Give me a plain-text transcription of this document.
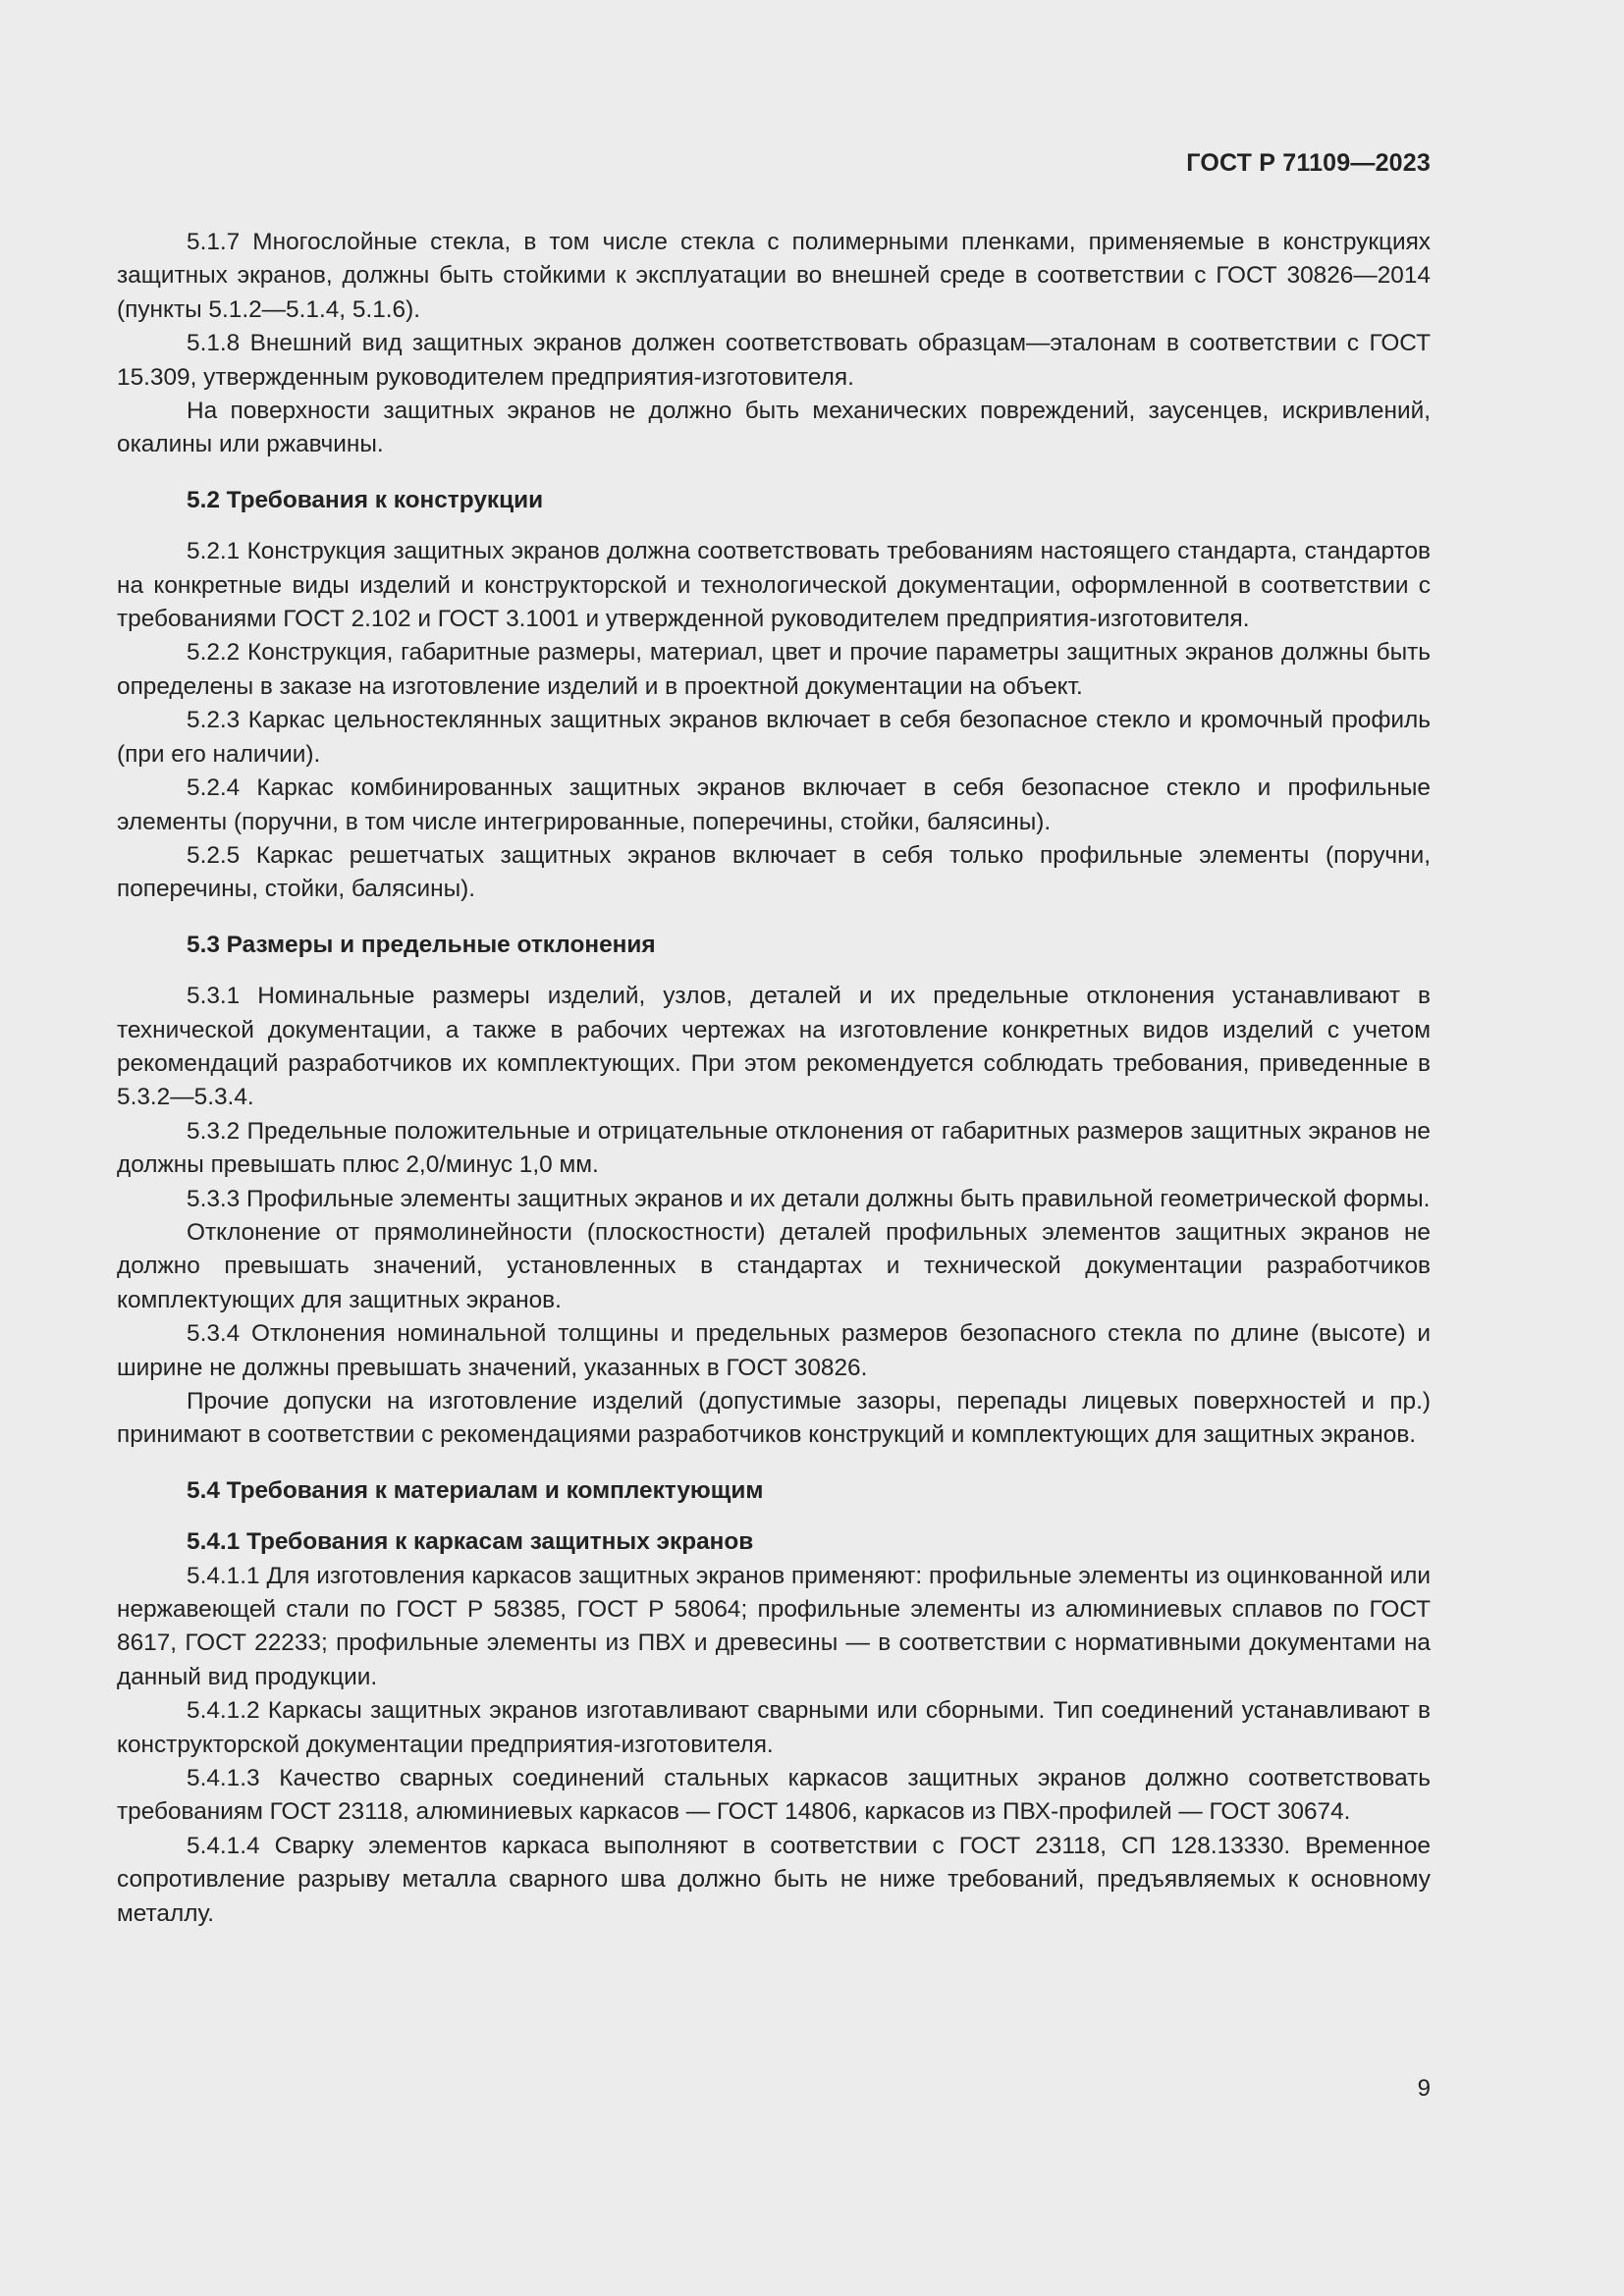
ГОСТ Р 71109—2023

5.1.7 Многослойные стекла, в том числе стекла с полимерными пленками, применяемые в конструкциях защитных экранов, должны быть стойкими к эксплуатации во внешней среде в соответствии с ГОСТ 30826—2014 (пункты 5.1.2—5.1.4, 5.1.6).

5.1.8 Внешний вид защитных экранов должен соответствовать образцам—эталонам в соответствии с ГОСТ 15.309, утвержденным руководителем предприятия-изготовителя.

На поверхности защитных экранов не должно быть механических повреждений, заусенцев, искривлений, окалины или ржавчины.

5.2 Требования к конструкции

5.2.1 Конструкция защитных экранов должна соответствовать требованиям настоящего стандарта, стандартов на конкретные виды изделий и конструкторской и технологической документации, оформленной в соответствии с требованиями ГОСТ 2.102 и ГОСТ 3.1001 и утвержденной руководителем предприятия-изготовителя.

5.2.2 Конструкция, габаритные размеры, материал, цвет и прочие параметры защитных экранов должны быть определены в заказе на изготовление изделий и в проектной документации на объект.

5.2.3 Каркас цельностеклянных защитных экранов включает в себя безопасное стекло и кромочный профиль (при его наличии).

5.2.4 Каркас комбинированных защитных экранов включает в себя безопасное стекло и профильные элементы (поручни, в том числе интегрированные, поперечины, стойки, балясины).

5.2.5 Каркас решетчатых защитных экранов включает в себя только профильные элементы (поручни, поперечины, стойки, балясины).

5.3 Размеры и предельные отклонения

5.3.1 Номинальные размеры изделий, узлов, деталей и их предельные отклонения устанавливают в технической документации, а также в рабочих чертежах на изготовление конкретных видов изделий с учетом рекомендаций разработчиков их комплектующих. При этом рекомендуется соблюдать требования, приведенные в 5.3.2—5.3.4.

5.3.2 Предельные положительные и отрицательные отклонения от габаритных размеров защитных экранов не должны превышать плюс 2,0/минус 1,0 мм.

5.3.3 Профильные элементы защитных экранов и их детали должны быть правильной геометрической формы.

Отклонение от прямолинейности (плоскостности) деталей профильных элементов защитных экранов не должно превышать значений, установленных в стандартах и технической документации разработчиков комплектующих для защитных экранов.

5.3.4 Отклонения номинальной толщины и предельных размеров безопасного стекла по длине (высоте) и ширине не должны превышать значений, указанных в ГОСТ 30826.

Прочие допуски на изготовление изделий (допустимые зазоры, перепады лицевых поверхностей и пр.) принимают в соответствии с рекомендациями разработчиков конструкций и комплектующих для защитных экранов.

5.4 Требования к материалам и комплектующим
5.4.1 Требования к каркасам защитных экранов

5.4.1.1 Для изготовления каркасов защитных экранов применяют: профильные элементы из оцинкованной или нержавеющей стали по ГОСТ Р 58385, ГОСТ Р 58064; профильные элементы из алюминиевых сплавов по ГОСТ 8617, ГОСТ 22233; профильные элементы из ПВХ и древесины — в соответствии с нормативными документами на данный вид продукции.

5.4.1.2 Каркасы защитных экранов изготавливают сварными или сборными. Тип соединений устанавливают в конструкторской документации предприятия-изготовителя.

5.4.1.3 Качество сварных соединений стальных каркасов защитных экранов должно соответствовать требованиям ГОСТ 23118, алюминиевых каркасов — ГОСТ 14806, каркасов из ПВХ-профилей — ГОСТ 30674.

5.4.1.4 Сварку элементов каркаса выполняют в соответствии с ГОСТ 23118, СП 128.13330. Временное сопротивление разрыву металла сварного шва должно быть не ниже требований, предъявляемых к основному металлу.

9
